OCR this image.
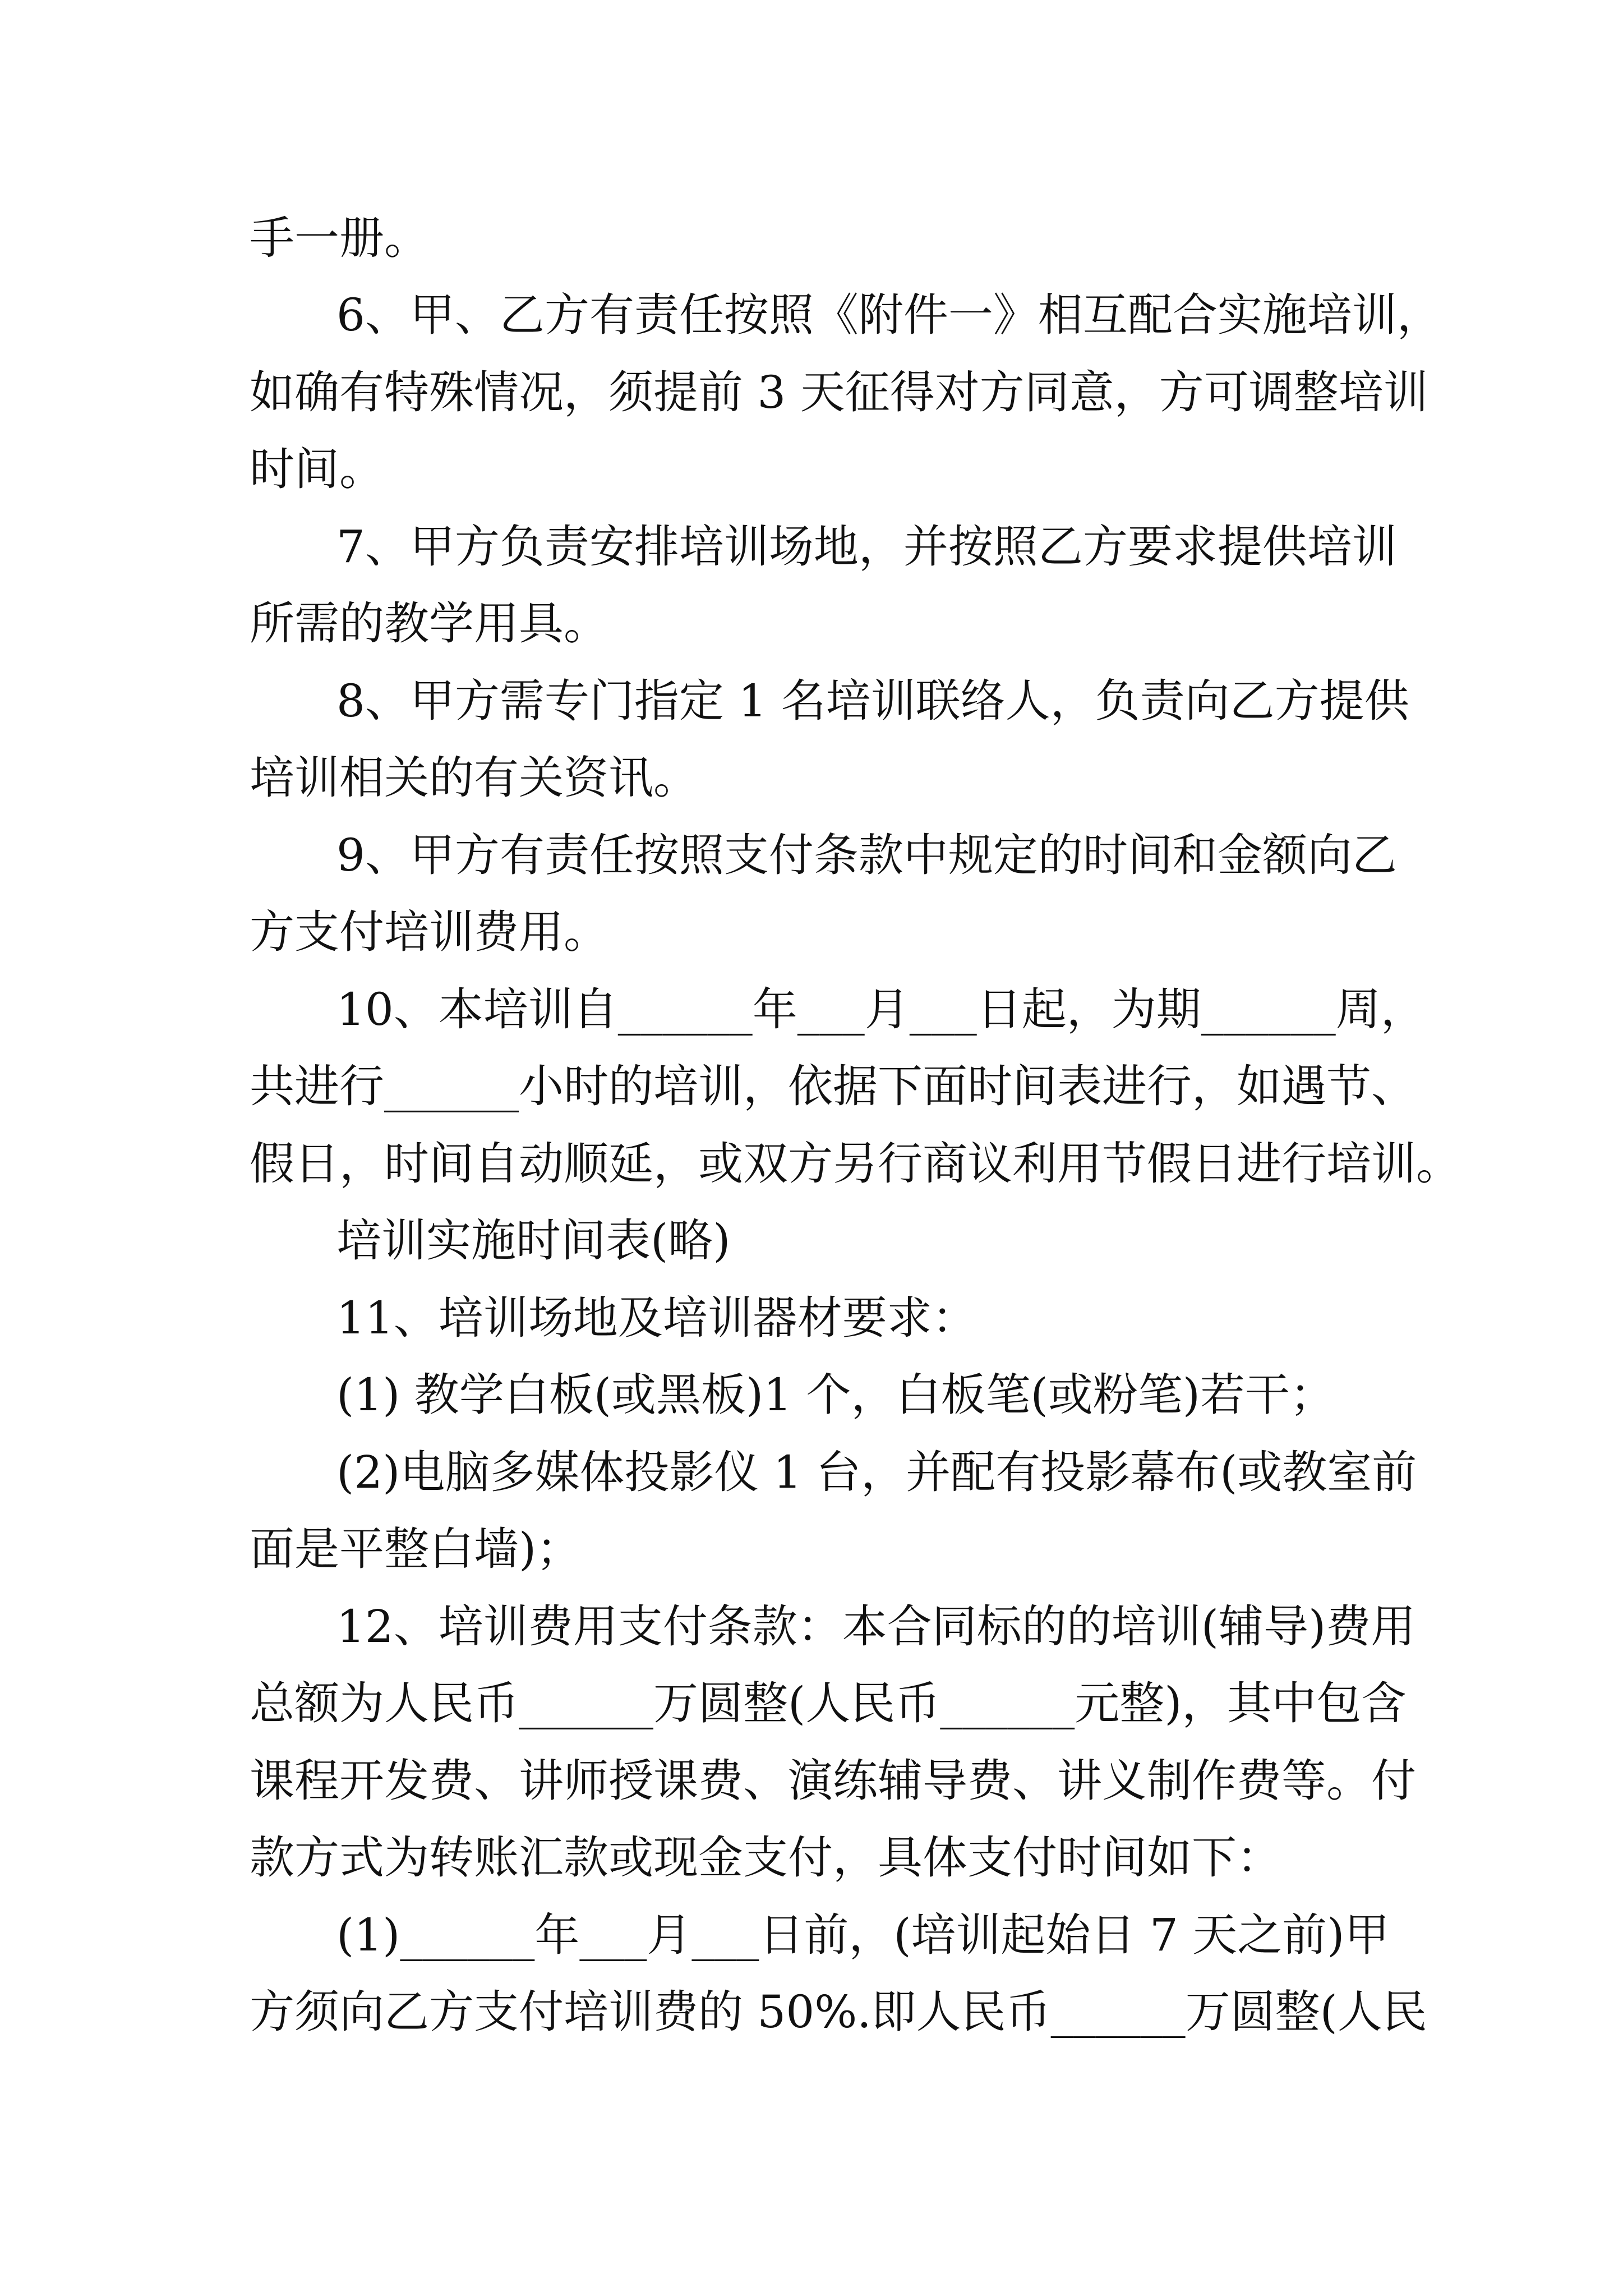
手一册。
6、甲、乙方有责任按照《附件一》相互配合实施培训，
如确有特殊情况，须提前 3 天征得对方同意，方可调整培训
时间。
7、甲方负责安排培训场地，并按照乙方要求提供培训
所需的教学用具。
8、甲方需专门指定 1 名培训联络人，负责向乙方提供
培训相关的有关资讯。
9、甲方有责任按照支付条款中规定的时间和金额向乙
方支付培训费用。
10、本培训自______年___月___日起，为期______周，
共进行______小时的培训，依据下面时间表进行，如遇节、
假日，时间自动顺延，或双方另行商议利用节假日进行培训。
培训实施时间表(略)
11、培训场地及培训器材要求：
(1) 教学白板(或黑板)1 个，白板笔(或粉笔)若干；
(2)电脑多媒体投影仪 1 台，并配有投影幕布(或教室前
面是平整白墙)；
12、培训费用支付条款：本合同标的的培训(辅导)费用
总额为人民币______万圆整(人民币______元整)，其中包含
课程开发费、讲师授课费、演练辅导费、讲义制作费等。付
款方式为转账汇款或现金支付，具体支付时间如下：
(1)______年___月___日前，(培训起始日 7 天之前)甲
方须向乙方支付培训费的 50%.即人民币______万圆整(人民
